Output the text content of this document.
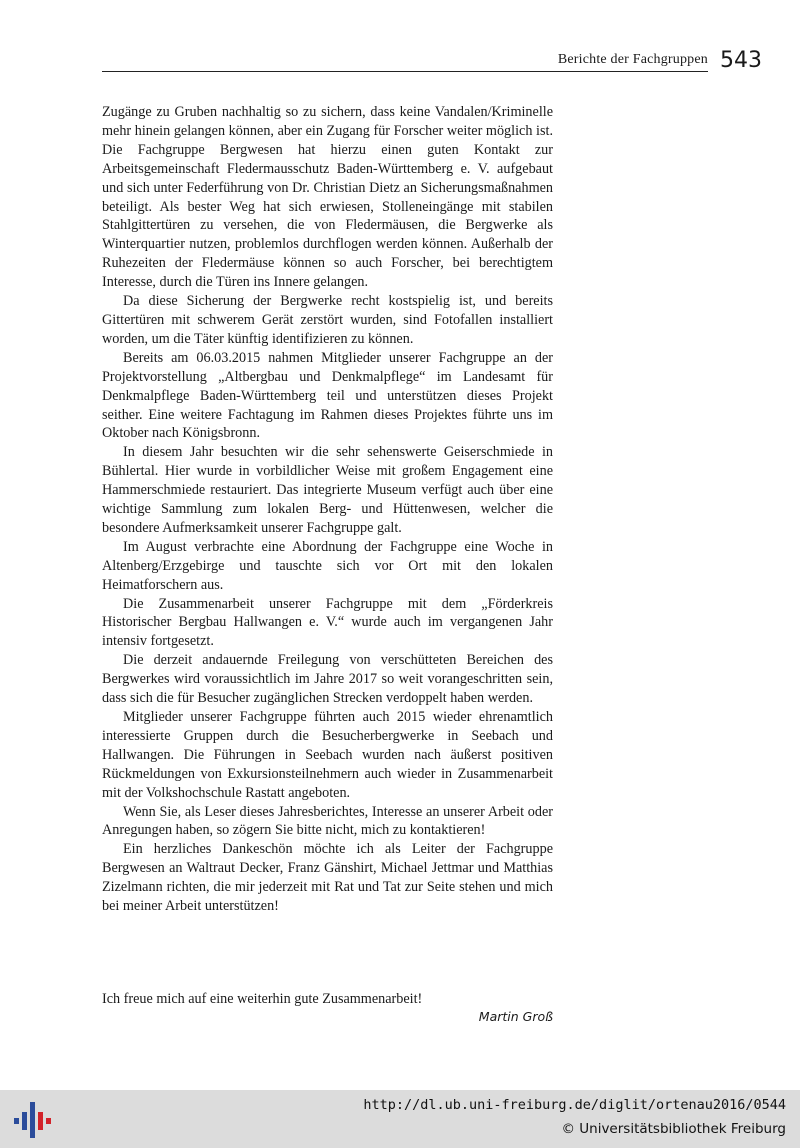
Berichte der Fachgruppen 543

Zugänge zu Gruben nachhaltig so zu sichern, dass keine Vandalen/Kriminelle mehr hinein gelangen können, aber ein Zugang für Forscher weiter möglich ist. Die Fachgruppe Bergwesen hat hierzu einen guten Kontakt zur Arbeitsgemeinschaft Fledermausschutz Baden-Württemberg e. V. aufgebaut und sich unter Federführung von Dr. Christian Dietz an Sicherungsmaßnahmen beteiligt. Als bester Weg hat sich erwiesen, Stolleneingänge mit stabilen Stahlgittertüren zu versehen, die von Fledermäusen, die Bergwerke als Winterquartier nutzen, problemlos durchflogen werden können. Außerhalb der Ruhezeiten der Fledermäuse können so auch Forscher, bei berechtigtem Interesse, durch die Türen ins Innere gelangen.

Da diese Sicherung der Bergwerke recht kostspielig ist, und bereits Gittertüren mit schwerem Gerät zerstört wurden, sind Fotofallen installiert worden, um die Täter künftig identifizieren zu können.

Bereits am 06.03.2015 nahmen Mitglieder unserer Fachgruppe an der Projektvorstellung „Altbergbau und Denkmalpflege“ im Landesamt für Denkmalpflege Baden-Württemberg teil und unterstützen dieses Projekt seither. Eine weitere Fachtagung im Rahmen dieses Projektes führte uns im Oktober nach Königsbronn.

In diesem Jahr besuchten wir die sehr sehenswerte Geiserschmiede in Bühlertal. Hier wurde in vorbildlicher Weise mit großem Engagement eine Hammerschmiede restauriert. Das integrierte Museum verfügt auch über eine wichtige Sammlung zum lokalen Berg- und Hüttenwesen, welcher die besondere Aufmerksamkeit unserer Fachgruppe galt.

Im August verbrachte eine Abordnung der Fachgruppe eine Woche in Altenberg/Erzgebirge und tauschte sich vor Ort mit den lokalen Heimatforschern aus.

Die Zusammenarbeit unserer Fachgruppe mit dem „Förderkreis Historischer Bergbau Hallwangen e. V.“ wurde auch im vergangenen Jahr intensiv fortgesetzt.

Die derzeit andauernde Freilegung von verschütteten Bereichen des Bergwerkes wird voraussichtlich im Jahre 2017 so weit vorangeschritten sein, dass sich die für Besucher zugänglichen Strecken verdoppelt haben werden.

Mitglieder unserer Fachgruppe führten auch 2015 wieder ehrenamtlich interessierte Gruppen durch die Besucherbergwerke in Seebach und Hallwangen. Die Führungen in Seebach wurden nach äußerst positiven Rückmeldungen von Exkursionsteilnehmern auch wieder in Zusammenarbeit mit der Volkshochschule Rastatt angeboten.

Wenn Sie, als Leser dieses Jahresberichtes, Interesse an unserer Arbeit oder Anregungen haben, so zögern Sie bitte nicht, mich zu kontaktieren!

Ein herzliches Dankeschön möchte ich als Leiter der Fachgruppe Bergwesen an Waltraut Decker, Franz Gänshirt, Michael Jettmar und Matthias Zizelmann richten, die mir jederzeit mit Rat und Tat zur Seite stehen und mich bei meiner Arbeit unterstützen!

Ich freue mich auf eine weiterhin gute Zusammenarbeit!

Martin Groß
http://dl.ub.uni-freiburg.de/diglit/ortenau2016/0544
© Universitätsbibliothek Freiburg
